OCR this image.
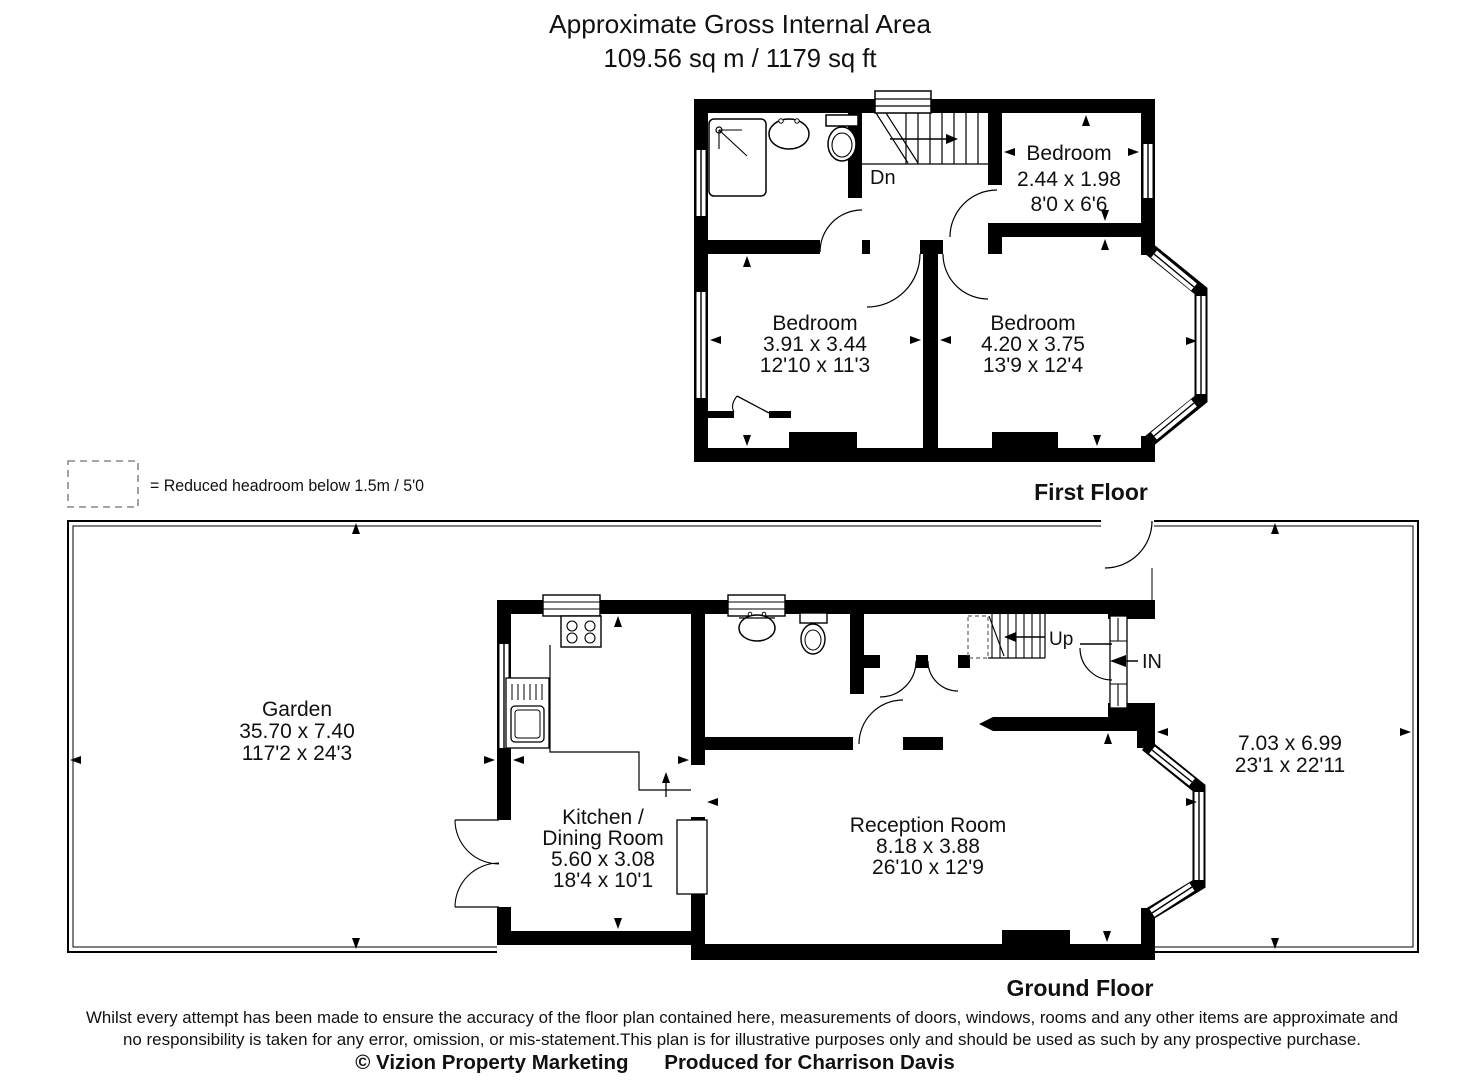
Approximate Gross Internal Area
109.56 sq m / 1179 sq ft
= Reduced headroom below 1.5m / 5'0
Dn
Bedroom
2.44 x 1.98
8'0 x 6'6
Bedroom
3.91 x 3.44
12'10 x 11'3
Bedroom
4.20 x 3.75
13'9 x 12'4
First Floor
Up
IN
Garden
35.70 x 7.40
117'2 x 24'3
Kitchen /
Dining Room
5.60 x 3.08
18'4 x 10'1
Reception Room
8.18 x 3.88
26'10 x 12'9
7.03 x 6.99
23'1 x 22'11
Ground Floor
Whilst every attempt has been made to ensure the accuracy of the floor plan contained here, measurements of doors, windows, rooms and any other items are approximate and
no responsibility is taken for any error, omission, or mis-statement.This plan is for illustrative purposes only and should be used as such by any prospective purchase.
© Vizion Property Marketing Produced for Charrison Davis
